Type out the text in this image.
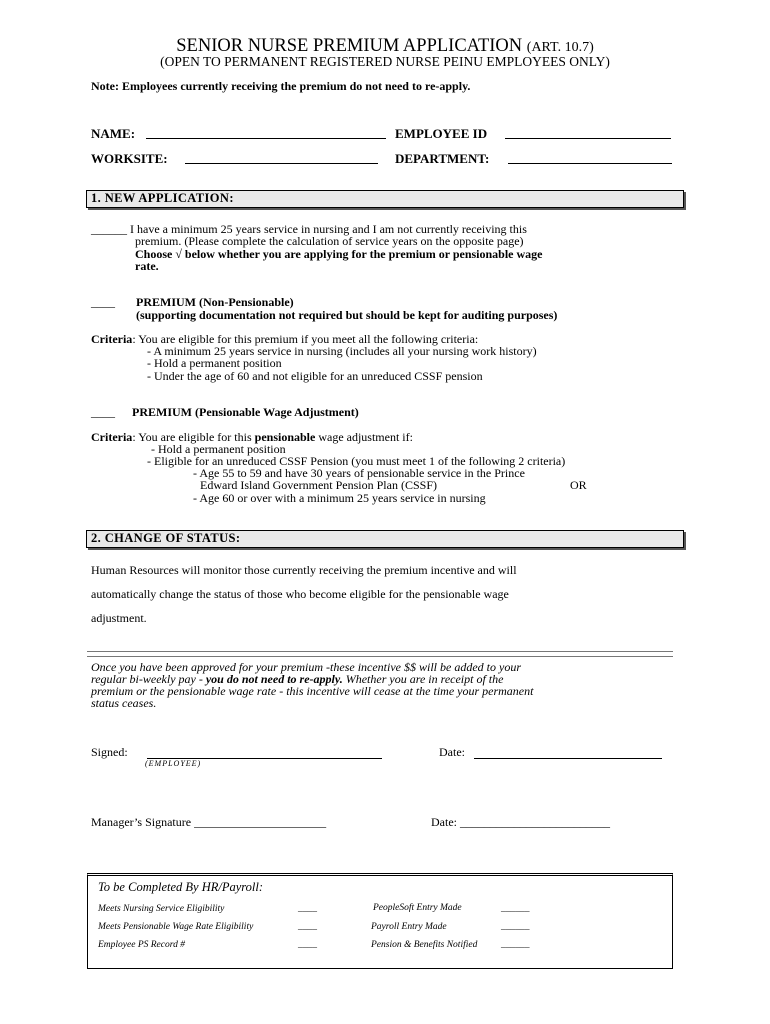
SENIOR NURSE PREMIUM APPLICATION (ART. 10.7)
(OPEN TO PERMANENT REGISTERED NURSE PEINU EMPLOYEES ONLY)
Note: Employees currently receiving the premium do not need to re-apply.
NAME:	EMPLOYEE ID
WORKSITE:	DEPARTMENT:
1. NEW APPLICATION:
______ I have a minimum 25 years service in nursing and I am not currently receiving this
premium. (Please complete the calculation of service years on the opposite page)
Choose √ below whether you are applying for the premium or pensionable wage
rate.
____ PREMIUM (Non-Pensionable)
(supporting documentation not required but should be kept for auditing purposes)
Criteria: You are eligible for this premium if you meet all the following criteria:
- A minimum 25 years service in nursing (includes all your nursing work history)
- Hold a permanent position
- Under the age of 60 and not eligible for an unreduced CSSF pension
____ PREMIUM (Pensionable Wage Adjustment)
Criteria: You are eligible for this pensionable wage adjustment if:
- Hold a permanent position
- Eligible for an unreduced CSSF Pension (you must meet 1 of the following 2 criteria)
- Age 55 to 59 and have 30 years of pensionable service in the Prince
Edward Island Government Pension Plan (CSSF)	OR
- Age 60 or over with a minimum 25 years service in nursing
2. CHANGE OF STATUS:
Human Resources will monitor those currently receiving the premium incentive and will
automatically change the status of those who become eligible for the pensionable wage
adjustment.
Once you have been approved for your premium -these incentive $$ will be added to your
regular bi-weekly pay - you do not need to re-apply. Whether you are in receipt of the
premium or the pensionable wage rate - this incentive will cease at the time your permanent
status ceases.
Signed:
(EMPLOYEE)
Date:
Manager’s Signature ______________________	Date: _________________________
To be Completed By HR/Payroll:
Meets Nursing Service Eligibility	____	PeopleSoft Entry Made	______
Meets Pensionable Wage Rate Eligibility	____	Payroll Entry Made	______
Employee PS Record #	____	Pension & Benefits Notified ______
